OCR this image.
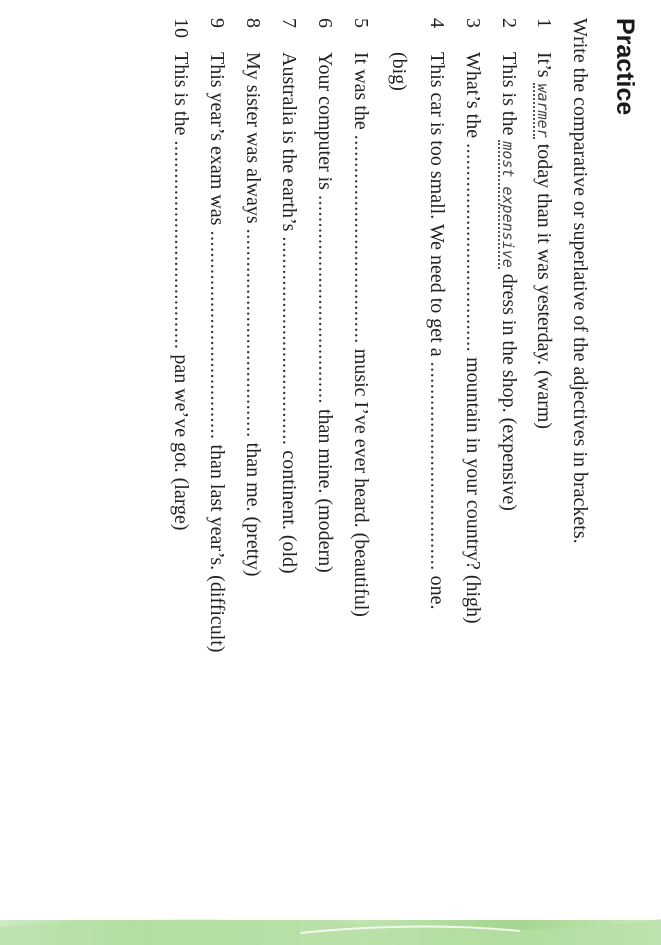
Practice
Write the comparative or superlative of the adjectives in brackets.
1
It’s
warmer
today than it was yesterday. (warm)
2
This is the
most expensive
dress in the shop. (expensive)
3
What’s the
......................................
mountain in your country? (high)
4
This car is too small. We need to get a
......................................
one.
(big)
5
It was the
......................................
music I’ve ever heard. (beautiful)
6
Your computer is
......................................
than mine. (modern)
7
Australia is the earth’s
......................................
continent. (old)
8
My sister was always
......................................
than me. (pretty)
9
This year’s exam was
......................................
than last year’s. (difficult)
10
This is the
......................................
pan we’ve got. (large)
